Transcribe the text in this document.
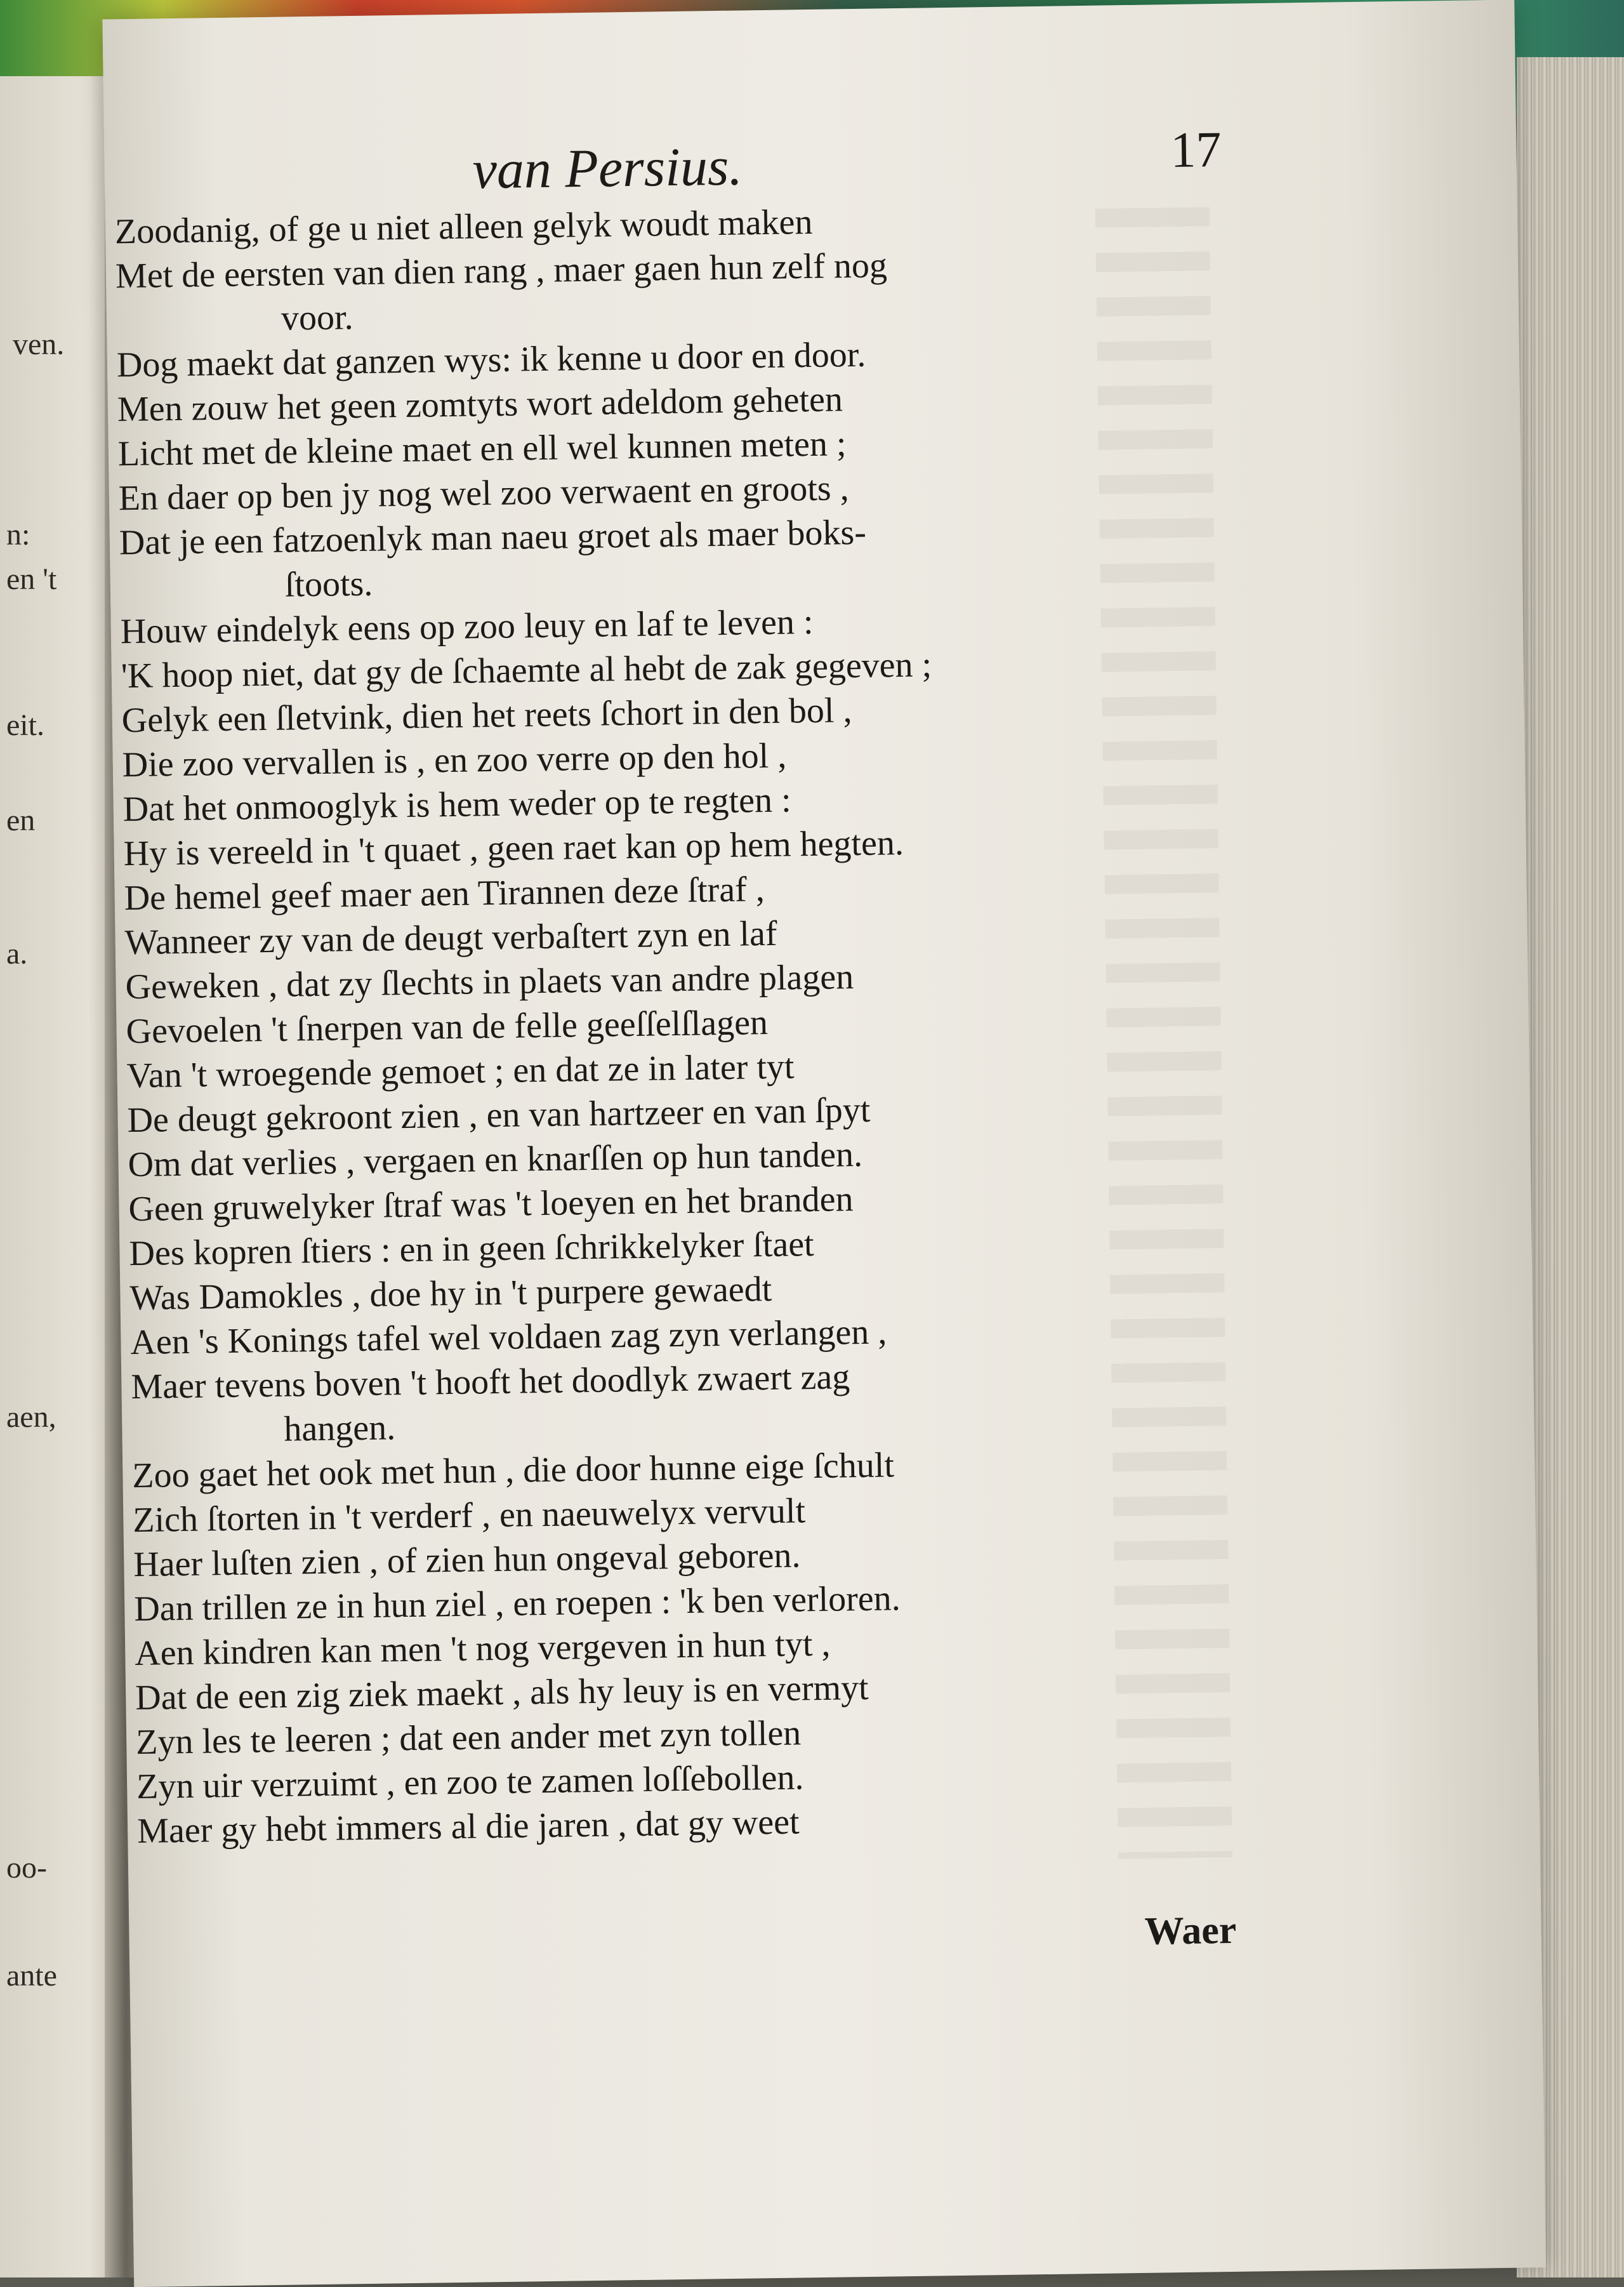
ven.
n:
en 't
eit.
en
a.
aen,
oo-
ante
van Persius.	17
Zoodanig, of ge u niet alleen gelyk woudt maken
Met de eersten van dien rang , maer gaen hun zelf nog
voor.
Dog maekt dat ganzen wys: ik kenne u door en door.
Men zouw het geen zomtyts wort adeldom geheten
Licht met de kleine maet en ell wel kunnen meten ;
En daer op ben jy nog wel zoo verwaent en groots ,
Dat je een fatzoenlyk man naeu groet als maer boks-
ſtoots.
Houw eindelyk eens op zoo leuy en laf te leven :
'K hoop niet, dat gy de ſchaemte al hebt de zak gegeven ;
Gelyk een ſletvink, dien het reets ſchort in den bol ,
Die zoo vervallen is , en zoo verre op den hol ,
Dat het onmooglyk is hem weder op te regten :
Hy is vereeld in 't quaet , geen raet kan op hem hegten.
De hemel geef maer aen Tirannen deze ſtraf ,
Wanneer zy van de deugt verbaſtert zyn en laf
Geweken , dat zy ſlechts in plaets van andre plagen
Gevoelen 't ſnerpen van de felle geeſſelſlagen
Van 't wroegende gemoet ; en dat ze in later tyt
De deugt gekroont zien , en van hartzeer en van ſpyt
Om dat verlies , vergaen en knarſſen op hun tanden.
Geen gruwelyker ſtraf was 't loeyen en het branden
Des kopren ſtiers : en in geen ſchrikkelyker ſtaet
Was Damokles , doe hy in 't purpere gewaedt
Aen 's Konings tafel wel voldaen zag zyn verlangen ,
Maer tevens boven 't hooft het doodlyk zwaert zag
hangen.
Zoo gaet het ook met hun , die door hunne eige ſchult
Zich ſtorten in 't verderf , en naeuwelyx vervult
Haer luſten zien , of zien hun ongeval geboren.
Dan trillen ze in hun ziel , en roepen : 'k ben verloren.
Aen kindren kan men 't nog vergeven in hun tyt ,
Dat de een zig ziek maekt , als hy leuy is en vermyt
Zyn les te leeren ; dat een ander met zyn tollen
Zyn uir verzuimt , en zoo te zamen loſſebollen.
Maer gy hebt immers al die jaren , dat gy weet
Waer
